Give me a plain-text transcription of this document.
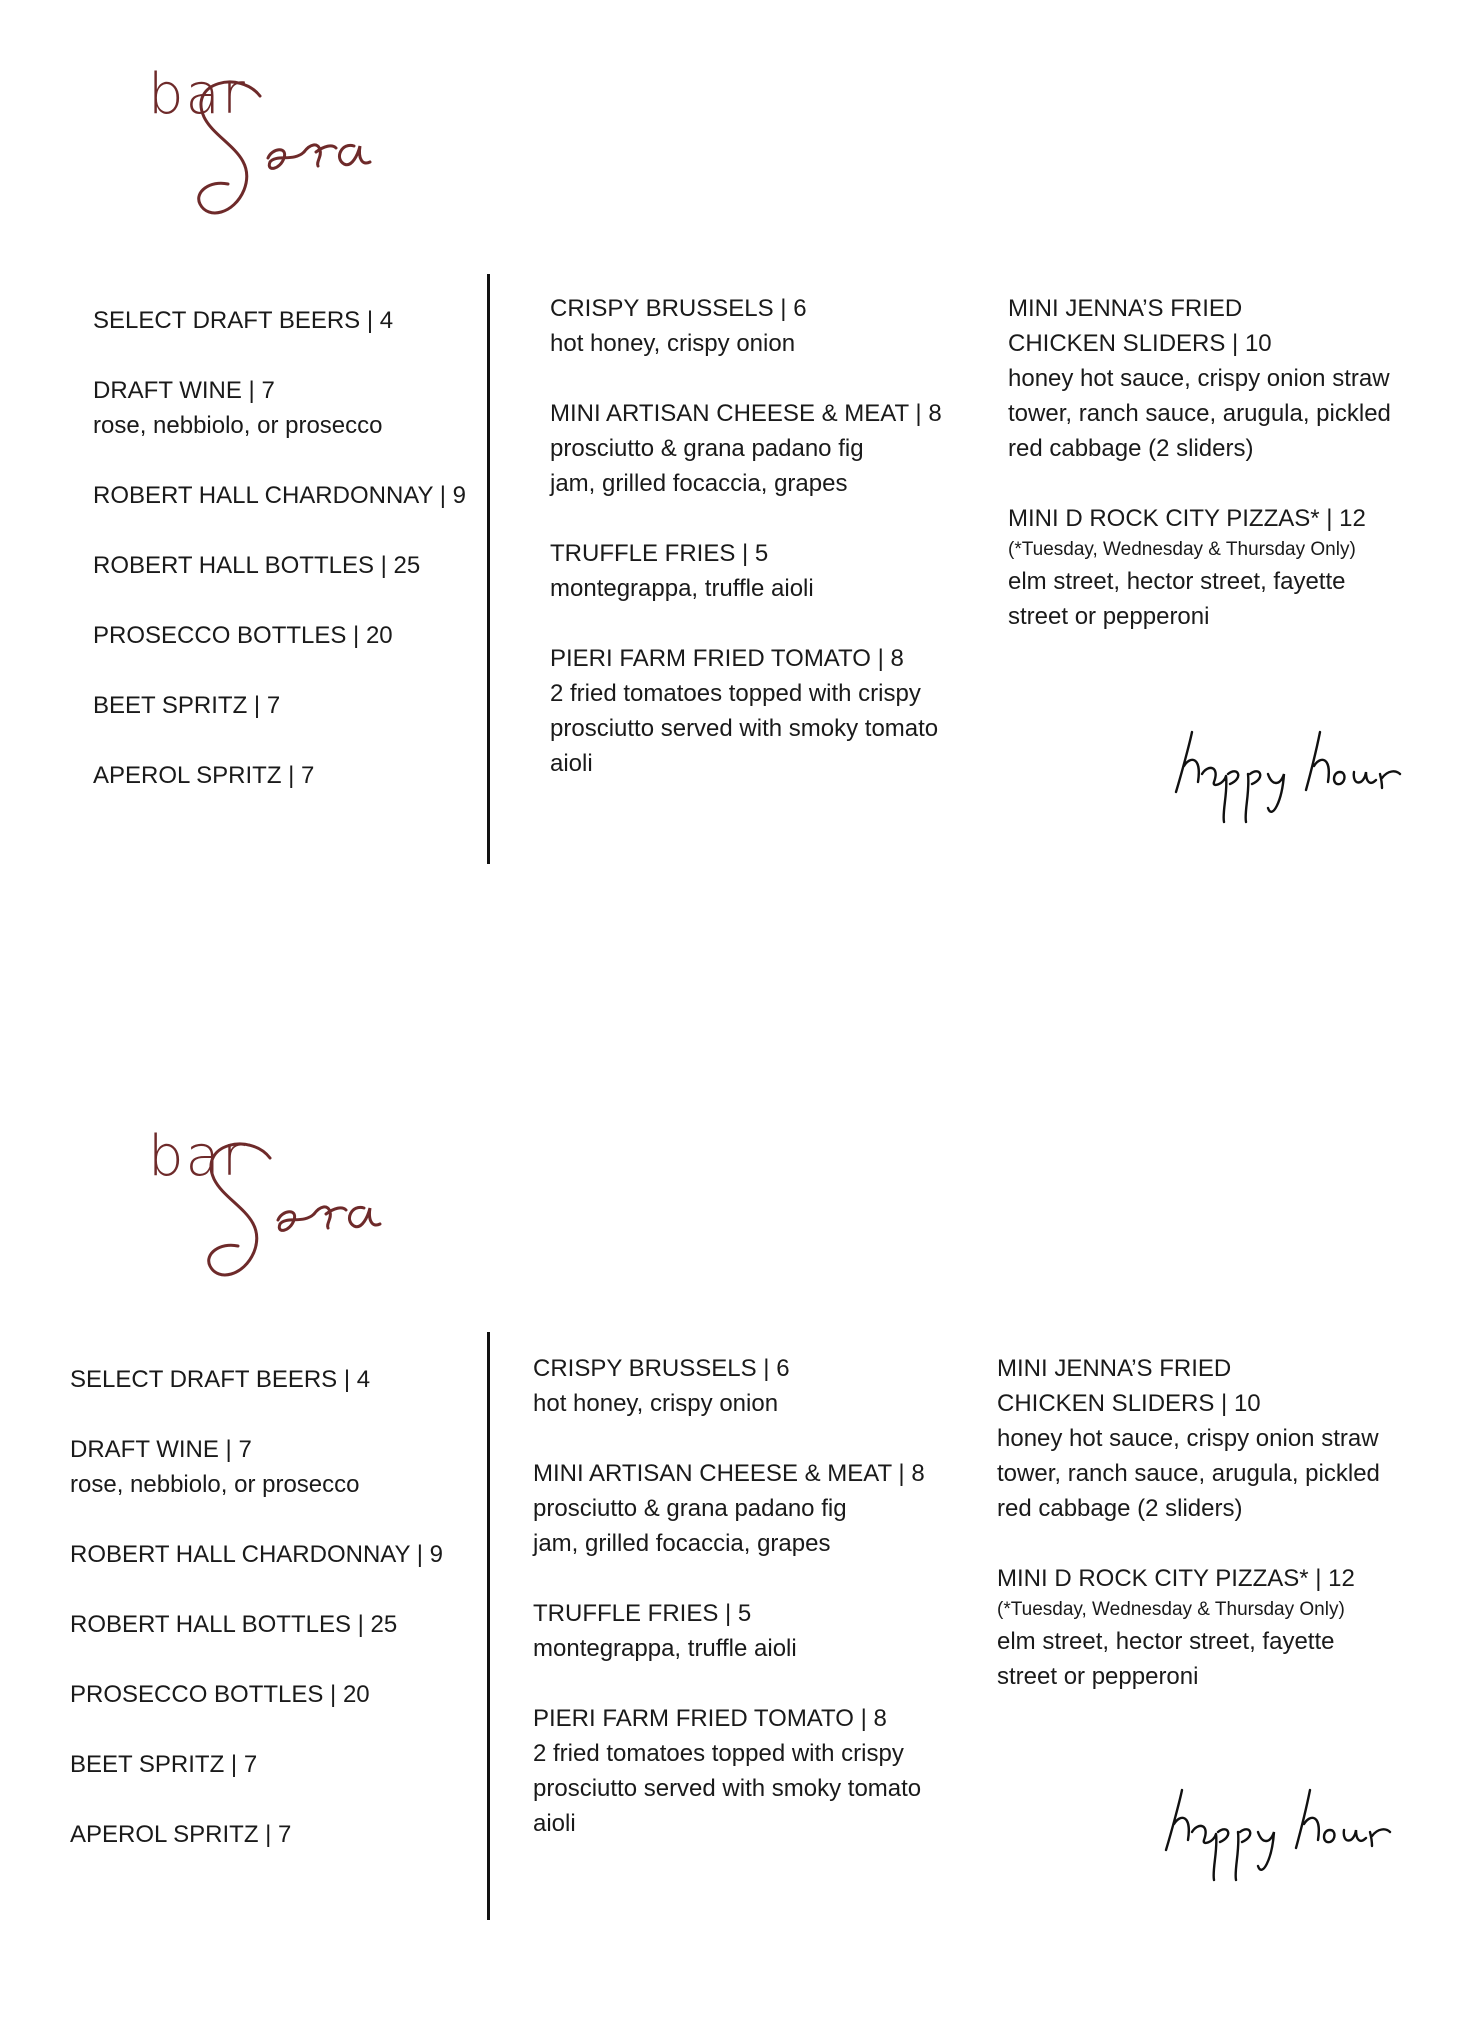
bar
SELECT DRAFT BEERS | 4
DRAFT WINE | 7
rose, nebbiolo, or prosecco
ROBERT HALL CHARDONNAY | 9
ROBERT HALL BOTTLES | 25
PROSECCO BOTTLES | 20
BEET SPRITZ | 7
APEROL SPRITZ | 7
CRISPY BRUSSELS | 6
hot honey, crispy onion
MINI ARTISAN CHEESE & MEAT | 8
prosciutto & grana padano fig jam, grilled focaccia, grapes
TRUFFLE FRIES | 5
montegrappa, truffle aioli
PIERI FARM FRIED TOMATO | 8
2 fried tomatoes topped with crispy prosciutto served with smoky tomato aioli
MINI JENNA’S FRIED CHICKEN SLIDERS | 10
honey hot sauce, crispy onion straw tower, ranch sauce, arugula, pickled red cabbage (2 sliders)
MINI D ROCK CITY PIZZAS* | 12
(*Tuesday, Wednesday & Thursday Only)
elm street, hector street, fayette street or pepperoni
bar
SELECT DRAFT BEERS | 4
DRAFT WINE | 7
rose, nebbiolo, or prosecco
ROBERT HALL CHARDONNAY | 9
ROBERT HALL BOTTLES | 25
PROSECCO BOTTLES | 20
BEET SPRITZ | 7
APEROL SPRITZ | 7
CRISPY BRUSSELS | 6
hot honey, crispy onion
MINI ARTISAN CHEESE & MEAT | 8
prosciutto & grana padano fig jam, grilled focaccia, grapes
TRUFFLE FRIES | 5
montegrappa, truffle aioli
PIERI FARM FRIED TOMATO | 8
2 fried tomatoes topped with crispy prosciutto served with smoky tomato aioli
MINI JENNA’S FRIED CHICKEN SLIDERS | 10
honey hot sauce, crispy onion straw tower, ranch sauce, arugula, pickled red cabbage (2 sliders)
MINI D ROCK CITY PIZZAS* | 12
(*Tuesday, Wednesday & Thursday Only)
elm street, hector street, fayette street or pepperoni
